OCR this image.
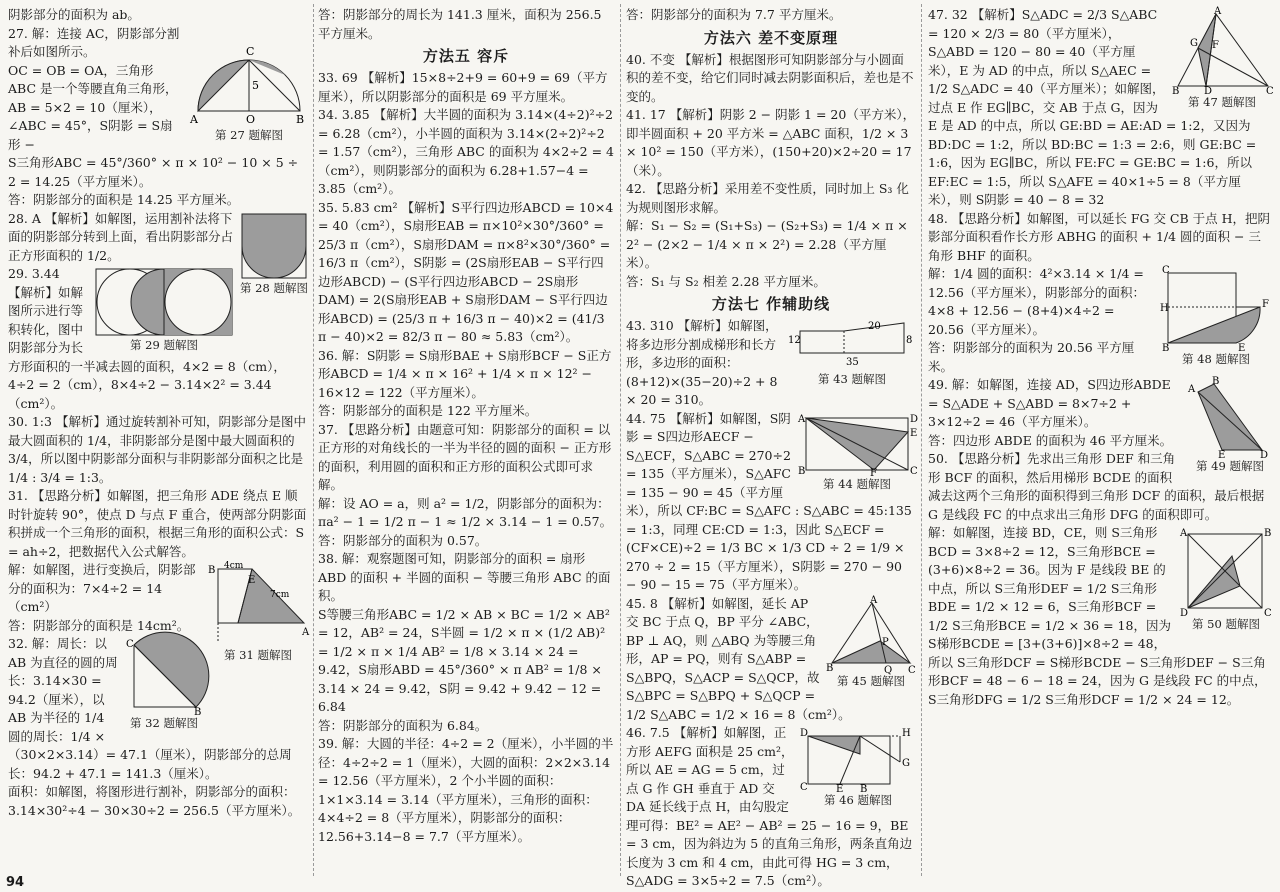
阴影部分的面积为 ab。

C
A	B
O
5
第 27 题解图

27. 解：连接 AC，阴影部分割补后如图所示。

OC = OB = OA，三角形 ABC 是一个等腰直角三角形，AB = 5×2 = 10（厘米），∠ABC = 45°，S阴影 = S扇形 −

S三角形ABC = 45°/360° × π × 10² − 10 × 5 ÷ 2 = 14.25（平方厘米）。

答：阴影部分的面积是 14.25 平方厘米。

第 28 题解图

28. A 【解析】如解图，运用割补法将下面的阴影部分转到上面，看出阴影部分占正方形面积的 1/2。

第 29 题解图

29. 3.44 【解析】如解图所示进行等积转化，图中阴影部分为长方形面积的一半减去圆的面积，4×2 = 8（cm），4÷2 = 2（cm），8×4÷2 − 3.14×2² = 3.44（cm²）。

30. 1:3 【解析】通过旋转割补可知，阴影部分是图中最大圆面积的 1/4，非阴影部分是图中最大圆面积的 3/4，所以图中阴影部分面积与非阴影部分面积之比是 1/4 : 3/4 = 1:3。

31. 【思路分析】如解图，把三角形 ADE 绕点 E 顺时针旋转 90°，使点 D 与点 F 重合，使两部分阴影面积拼成一个三角形的面积，根据三角形的面积公式：S = ah÷2，把数据代入公式解答。

B
E
4cm
7cm
A
第 31 题解图

解：如解图，进行变换后，阴影部分的面积为：7×4÷2 = 14（cm²）

答：阴影部分的面积是 14cm²。

C
B
第 32 题解图

32. 解：周长：以 AB 为直径的圆的周长：3.14×30 = 94.2（厘米），以 AB 为半径的 1/4 圆的周长：1/4 ×（30×2×3.14）= 47.1（厘米），阴影部分的总周长：94.2 + 47.1 = 141.3（厘米）。

面积：如解图，将图形进行割补，阴影部分的面积：3.14×30²÷4 − 30×30÷2 = 256.5（平方厘米）。

答：阴影部分的周长为 141.3 厘米，面积为 256.5 平方厘米。

方法五 容斥

33. 69 【解析】15×8÷2+9 = 60+9 = 69（平方厘米），所以阴影部分的面积是 69 平方厘米。

34. 3.85 【解析】大半圆的面积为 3.14×(4÷2)²÷2 = 6.28（cm²），小半圆的面积为 3.14×(2÷2)²÷2 = 1.57（cm²），三角形 ABC 的面积为 4×2÷2 = 4（cm²），则阴影部分的面积为 6.28+1.57−4 = 3.85（cm²）。

35. 5.83 cm² 【解析】S平行四边形ABCD = 10×4 = 40（cm²），S扇形EAB = π×10²×30°/360° = 25/3 π（cm²），S扇形DAM = π×8²×30°/360° = 16/3 π（cm²），S阴影 = (2S扇形EAB − S平行四边形ABCD) − (S平行四边形ABCD − 2S扇形DAM) = 2(S扇形EAB + S扇形DAM − S平行四边形ABCD) = (25/3 π + 16/3 π − 40)×2 = (41/3 π − 40)×2 = 82/3 π − 80 ≈ 5.83（cm²）。

36. 解：S阴影 = S扇形BAE + S扇形BCF − S正方形ABCD = 1/4 × π × 16² + 1/4 × π × 12² − 16×12 = 122（平方厘米）。

答：阴影部分的面积是 122 平方厘米。

37. 【思路分析】由题意可知：阴影部分的面积 = 以正方形的对角线长的一半为半径的圆的面积 − 正方形的面积，利用圆的面积和正方形的面积公式即可求解。

解：设 AO = a，则 a² = 1/2，阴影部分的面积为：πa² − 1 = 1/2 π − 1 ≈ 1/2 × 3.14 − 1 = 0.57。

答：阴影部分的面积为 0.57。

38. 解：观察题图可知，阴影部分的面积 = 扇形 ABD 的面积 + 半圆的面积 − 等腰三角形 ABC 的面积。

S等腰三角形ABC = 1/2 × AB × BC = 1/2 × AB² = 12，AB² = 24，S半圆 = 1/2 × π × (1/2 AB)² = 1/2 × π × 1/4 AB² = 1/8 × 3.14 × 24 = 9.42，S扇形ABD = 45°/360° × π AB² = 1/8 × 3.14 × 24 = 9.42，S阴 = 9.42 + 9.42 − 12 = 6.84

答：阴影部分的面积为 6.84。

39. 解：大圆的半径：4÷2 = 2（厘米），小半圆的半径：4÷2÷2 = 1（厘米），大圆的面积：2×2×3.14 = 12.56（平方厘米），2 个小半圆的面积：1×1×3.14 = 3.14（平方厘米），三角形的面积：4×4÷2 = 8（平方厘米），阴影部分的面积：12.56+3.14−8 = 7.7（平方厘米）。

答：阴影部分的面积为 7.7 平方厘米。

方法六 差不变原理

40. 不变 【解析】根据图形可知阴影部分与小圆面积的差不变，给它们同时减去阴影面积后，差也是不变的。

41. 17 【解析】阴影 2 − 阴影 1 = 20（平方米），即半圆面积 + 20 平方米 = △ABC 面积，1/2 × 3 × 10² = 150（平方米），(150+20)×2÷20 = 17（米）。

42. 【思路分析】采用差不变性质，同时加上 S₃ 化为规则图形求解。

解：S₁ − S₂ = (S₁+S₃) − (S₂+S₃) = 1/4 × π × 2² − (2×2 − 1/4 × π × 2²) = 2.28（平方厘米）。

答：S₁ 与 S₂ 相差 2.28 平方厘米。

方法七 作辅助线
20
12	8
35
第 43 题解图

43. 310 【解析】如解图，将多边形分割成梯形和长方形，多边形的面积：(8+12)×(35−20)÷2 + 8 × 20 = 310。

A	D
E
B	F	C
第 44 题解图

44. 75 【解析】如解图，S阴影 = S四边形AECF − S△ECF，S△ABC = 270÷2 = 135（平方厘米），S△AFC = 135 − 90 = 45（平方厘米），所以 CF:BC = S△AFC : S△ABC = 45:135 = 1:3，同理 CE:CD = 1:3，因此 S△ECF = (CF×CE)÷2 = 1/3 BC × 1/3 CD ÷ 2 = 1/9 × 270 ÷ 2 = 15（平方厘米），S阴影 = 270 − 90 − 90 − 15 = 75（平方厘米）。

A
B
P
Q C
第 45 题解图

45. 8 【解析】如解图，延长 AP 交 BC 于点 Q，BP 平分 ∠ABC，BP ⊥ AQ，则 △ABQ 为等腰三角形，AP = PQ，则有 S△ABP = S△BPQ，S△ACP = S△QCP，故 S△BPC = S△BPQ + S△QCP = 1/2 S△ABC = 1/2 × 16 = 8（cm²）。

D	H
G
C	E B
第 46 题解图

46. 7.5 【解析】如解图，正方形 AEFG 面积是 25 cm²，所以 AE = AG = 5 cm，过点 G 作 GH 垂直于 AD 交 DA 延长线于点 H，由勾股定理可得：BE² = AE² − AB² = 25 − 16 = 9，BE = 3 cm，因为斜边为 5 的直角三角形，两条直角边长度为 3 cm 和 4 cm，由此可得 HG = 3 cm，S△ADG = 3×5÷2 = 7.5（cm²）。

A
G F
B D	C
第 47 题解图

47. 32 【解析】S△ADC = 2/3 S△ABC = 120 × 2/3 = 80（平方厘米），S△ABD = 120 − 80 = 40（平方厘米），E 为 AD 的中点，所以 S△AEC = 1/2 S△ADC = 40（平方厘米）；如解图，过点 E 作 EG∥BC，交 AB 于点 G，因为 E 是 AD 的中点，所以 GE:BD = AE:AD = 1:2，又因为 BD:DC = 1:2，所以 BD:BC = 1:3 = 2:6，则 GE:BC = 1:6，因为 EG∥BC，所以 FE:FC = GE:BC = 1:6，所以 EF:EC = 1:5，所以 S△AFE = 40×1÷5 = 8（平方厘米），则 S阴影 = 40 − 8 = 32

48. 【思路分析】如解图，可以延长 FG 交 CB 于点 H，把阴影部分面积看作长方形 ABHG 的面积 + 1/4 圆的面积 − 三角形 BHF 的面积。

C
H	F
B	E
第 48 题解图

解：1/4 圆的面积：4²×3.14 × 1/4 = 12.56（平方厘米），阴影部分的面积：4×8 + 12.56 − (8+4)×4÷2 = 20.56（平方厘米）。

答：阴影部分的面积为 20.56 平方厘米。

A
B
E	D
第 49 题解图

49. 解：如解图，连接 AD，S四边形ABDE = S△ADE + S△ABD = 8×7÷2 + 3×12÷2 = 46（平方厘米）。

答：四边形 ABDE 的面积为 46 平方厘米。

50. 【思路分析】先求出三角形 DEF 和三角形 BCF 的面积，然后用梯形 BCDE 的面积减去这两个三角形的面积得到三角形 DCF 的面积，最后根据 G 是线段 FC 的中点求出三角形 DFG 的面积即可。

A	B
D	C
第 50 题解图

解：如解图，连接 BD，CE，则 S三角形BCD = 3×8÷2 = 12，S三角形BCE = (3+6)×8÷2 = 36。因为 F 是线段 BE 的中点，所以 S三角形DEF = 1/2 S三角形BDE = 1/2 × 12 = 6，S三角形BCF = 1/2 S三角形BCE = 1/2 × 36 = 18，因为 S梯形BCDE = [3+(3+6)]×8÷2 = 48，所以 S三角形DCF = S梯形BCDE − S三角形DEF − S三角形BCF = 48 − 6 − 18 = 24，因为 G 是线段 FC 的中点，S三角形DFG = 1/2 S三角形DCF = 1/2 × 24 = 12。

94
